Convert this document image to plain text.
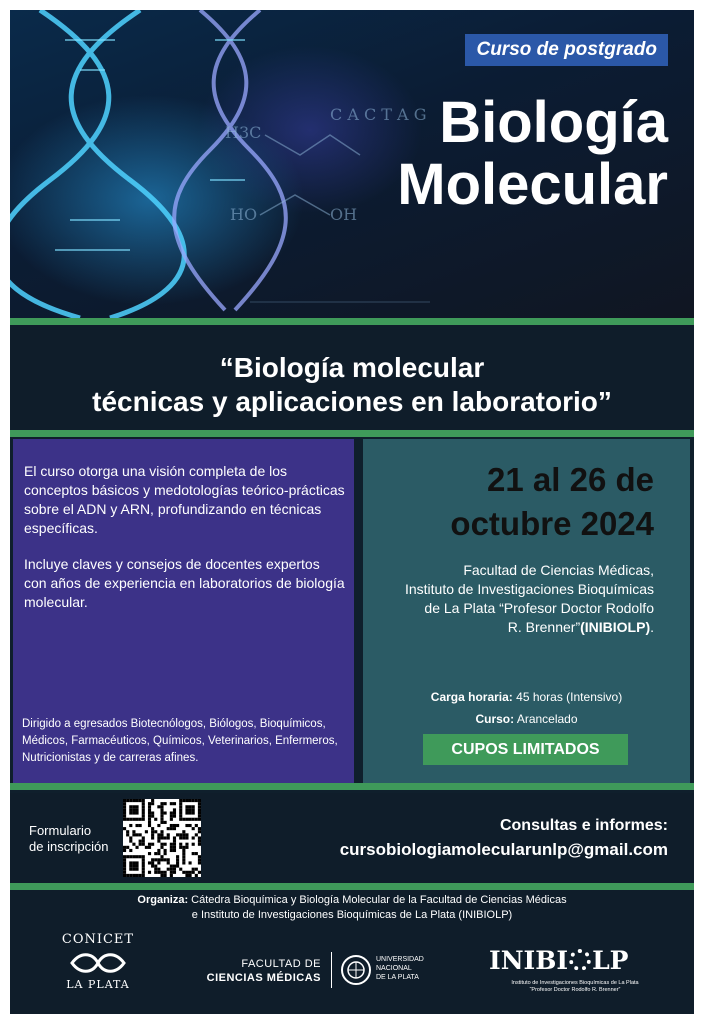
H3C
HO	OH
C A C T A G
Curso de postgrado
Biología
Molecular
“Biología molecular
técnicas y aplicaciones en laboratorio”
El curso otorga una visión completa de los conceptos básicos y medotologías teórico-prácticas sobre el ADN y ARN, profundizando en técnicas específicas.
Incluye claves y consejos de docentes expertos con años de experiencia en laboratorios de biología molecular.
Dirigido a egresados Biotecnólogos, Biólogos, Bioquímicos, Médicos, Farmacéuticos, Químicos, Veterinarios, Enfermeros, Nutricionistas y de carreras afines.
21 al 26 de
octubre 2024
Facultad de Ciencias Médicas,
Instituto de Investigaciones Bioquímicas
de La Plata “Profesor Doctor Rodolfo
R. Brenner”(INIBIOLP).
Carga horaria: 45 horas (Intensivo)
Curso: Arancelado
CUPOS LIMITADOS
Formulario
de inscripción
Consultas e informes:
cursobiologiamolecularunlp@gmail.com
Organiza: Cátedra Bioquímica y Biología Molecular de la Facultad de Ciencias Médicas
e Instituto de Investigaciones Bioquímicas de La Plata (INIBIOLP)
CONICET
LA PLATA
FACULTAD DE
CIENCIAS MÉDICAS
UNIVERSIDAD
NACIONAL
DE LA PLATA
INIBI LP
Instituto de Investigaciones Bioquímicas de La Plata
“Profesor Doctor Rodolfo R. Brenner”
